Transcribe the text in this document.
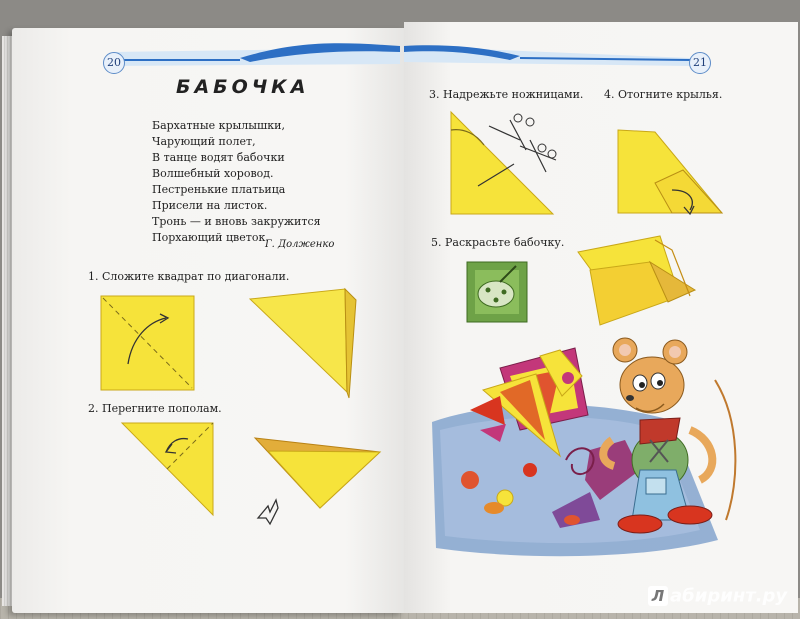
20	21
БАБОЧКА
Бархатные крылышки,
Чарующий полет,
В танце водят бабочки
Волшебный хоровод.
Пестренькие платьица
Присели на листок.
Тронь — и вновь закружится
Порхающий цветок.
Г. Долженко
1. Сложите квадрат по диагонали.
2. Перегните пополам.
3. Надрежьте ножницами. 4. Отогните крылья.
5. Раскрасьте бабочку.
Л абиринт.ру
